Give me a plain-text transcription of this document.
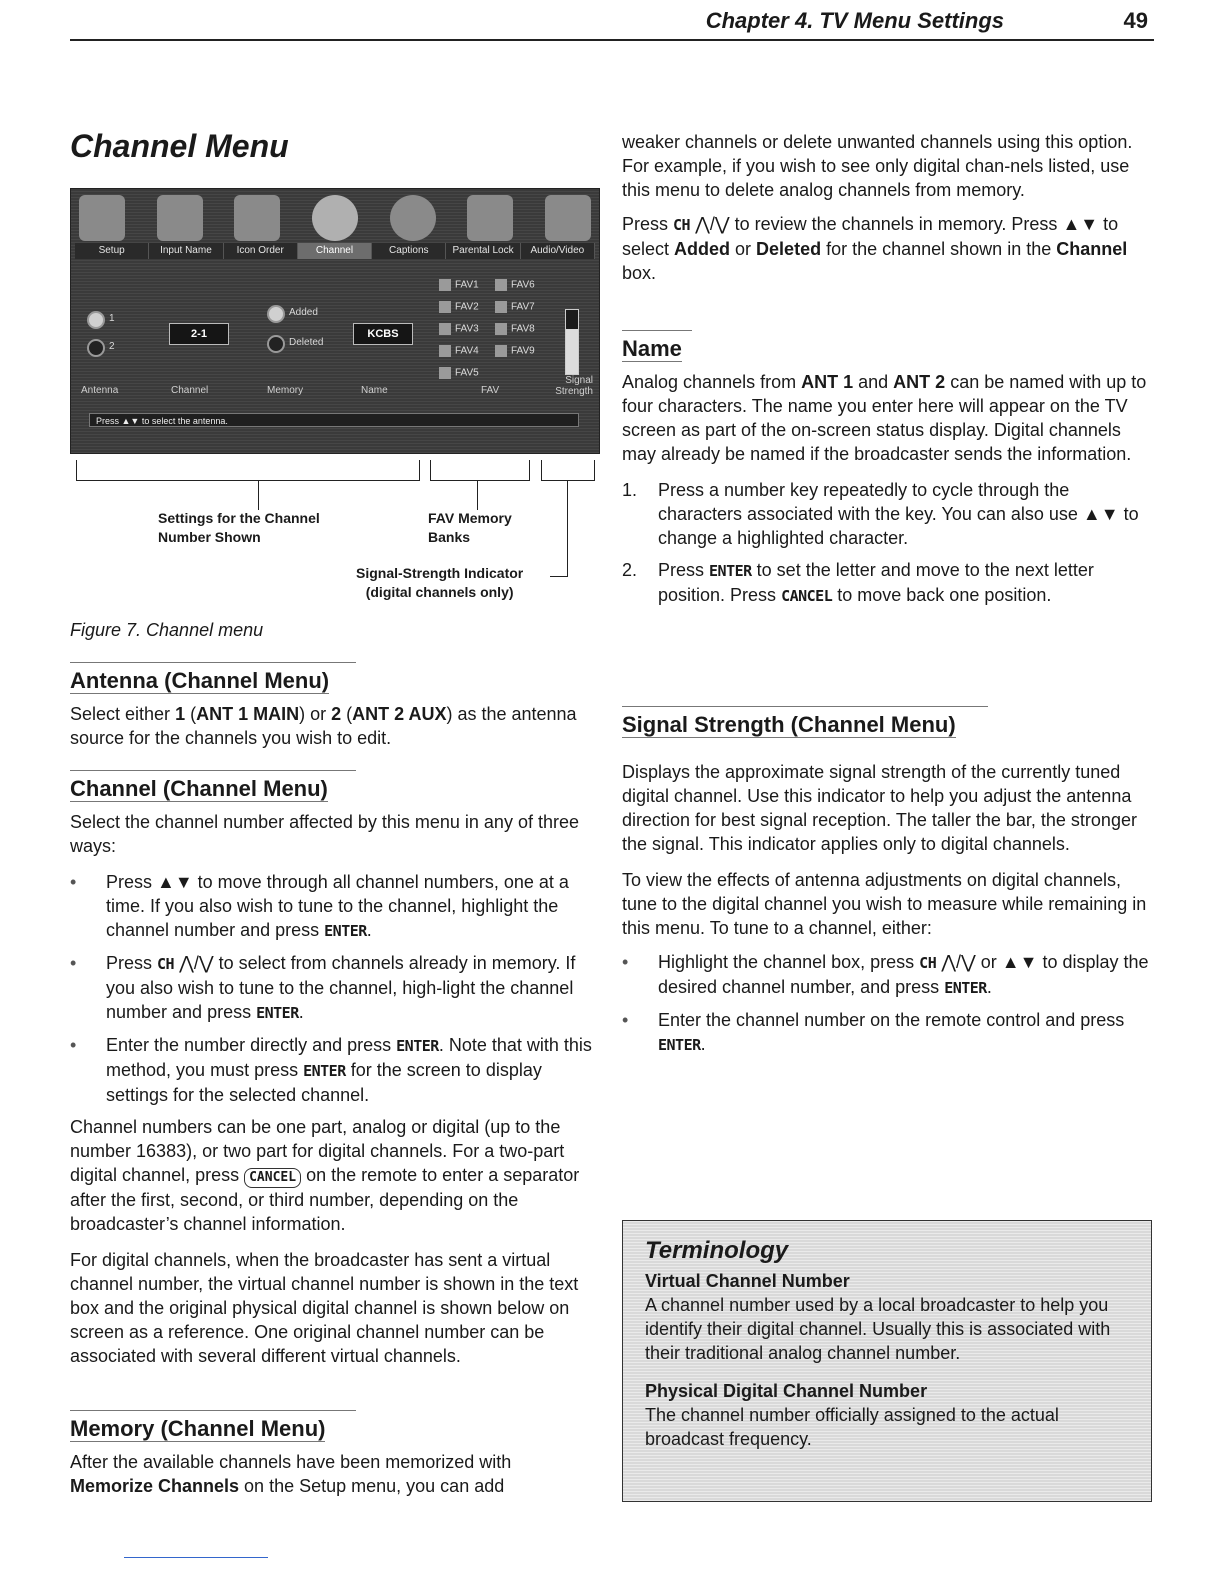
Chapter 4. TV Menu Settings	49
Channel Menu
Setup	Input Name	Icon Order	Channel	Captions	Parental Lock	Audio/Video
1
2
2-1
Added
Deleted
KCBS
FAV1
FAV2
FAV3
FAV4
FAV5
FAV6
FAV7
FAV8
FAV9
Antenna	Channel	Memory	Name	FAV
Signal Strength
Press ▲▼ to select the antenna.
Settings for the Channel
Number Shown
FAV Memory
Banks
Signal-Strength Indicator
(digital channels only)
Figure 7. Channel menu
Antenna (Channel Menu)

Select either 1 (ANT 1 MAIN) or 2 (ANT 2 AUX) as the antenna source for the channels you wish to edit.

Channel (Channel Menu)

Select the channel number affected by this menu in any of three ways:

• Press ▲▼ to move through all channel numbers, one at a time. If you also wish to tune to the channel, highlight the channel number and press ENTER.
• Press CH ⋀/⋁ to select from channels already in memory. If you also wish to tune to the channel, high-light the channel number and press ENTER.
• Enter the number directly and press ENTER. Note that with this method, you must press ENTER for the screen to display settings for the selected channel.

Channel numbers can be one part, analog or digital (up to the number 16383), or two part for digital channels. For a two-part digital channel, press CANCEL on the remote to enter a separator after the first, second, or third number, depending on the broadcaster’s channel information.

For digital channels, when the broadcaster has sent a virtual channel number, the virtual channel number is shown in the text box and the original physical digital channel is shown below on screen as a reference. One original channel number can be associated with several different virtual channels.

Memory (Channel Menu)

After the available channels have been memorized with Memorize Channels on the Setup menu, you can add

weaker channels or delete unwanted channels using this option. For example, if you wish to see only digital chan-nels listed, use this menu to delete analog channels from memory.

Press CH ⋀/⋁ to review the channels in memory. Press ▲▼ to select Added or Deleted for the channel shown in the Channel box.

Name

Analog channels from ANT 1 and ANT 2 can be named with up to four characters. The name you enter here will appear on the TV screen as part of the on-screen status display. Digital channels may already be named if the broadcaster sends the information.

1. Press a number key repeatedly to cycle through the characters associated with the key. You can also use ▲▼ to change a highlighted character.
2. Press ENTER to set the letter and move to the next letter position. Press CANCEL to move back one position.
Signal Strength (Channel Menu)

Displays the approximate signal strength of the currently tuned digital channel. Use this indicator to help you adjust the antenna direction for best signal reception. The taller the bar, the stronger the signal. This indicator applies only to digital channels.

To view the effects of antenna adjustments on digital channels, tune to the digital channel you wish to measure while remaining in this menu. To tune to a channel, either:

• Highlight the channel box, press CH ⋀/⋁ or ▲▼ to display the desired channel number, and press ENTER.
• Enter the channel number on the remote control and press ENTER.
Terminology
Virtual Channel Number
A channel number used by a local broadcaster to help you identify their digital channel. Usually this is associated with their traditional analog channel number.
Physical Digital Channel Number
The channel number officially assigned to the actual broadcast frequency.
